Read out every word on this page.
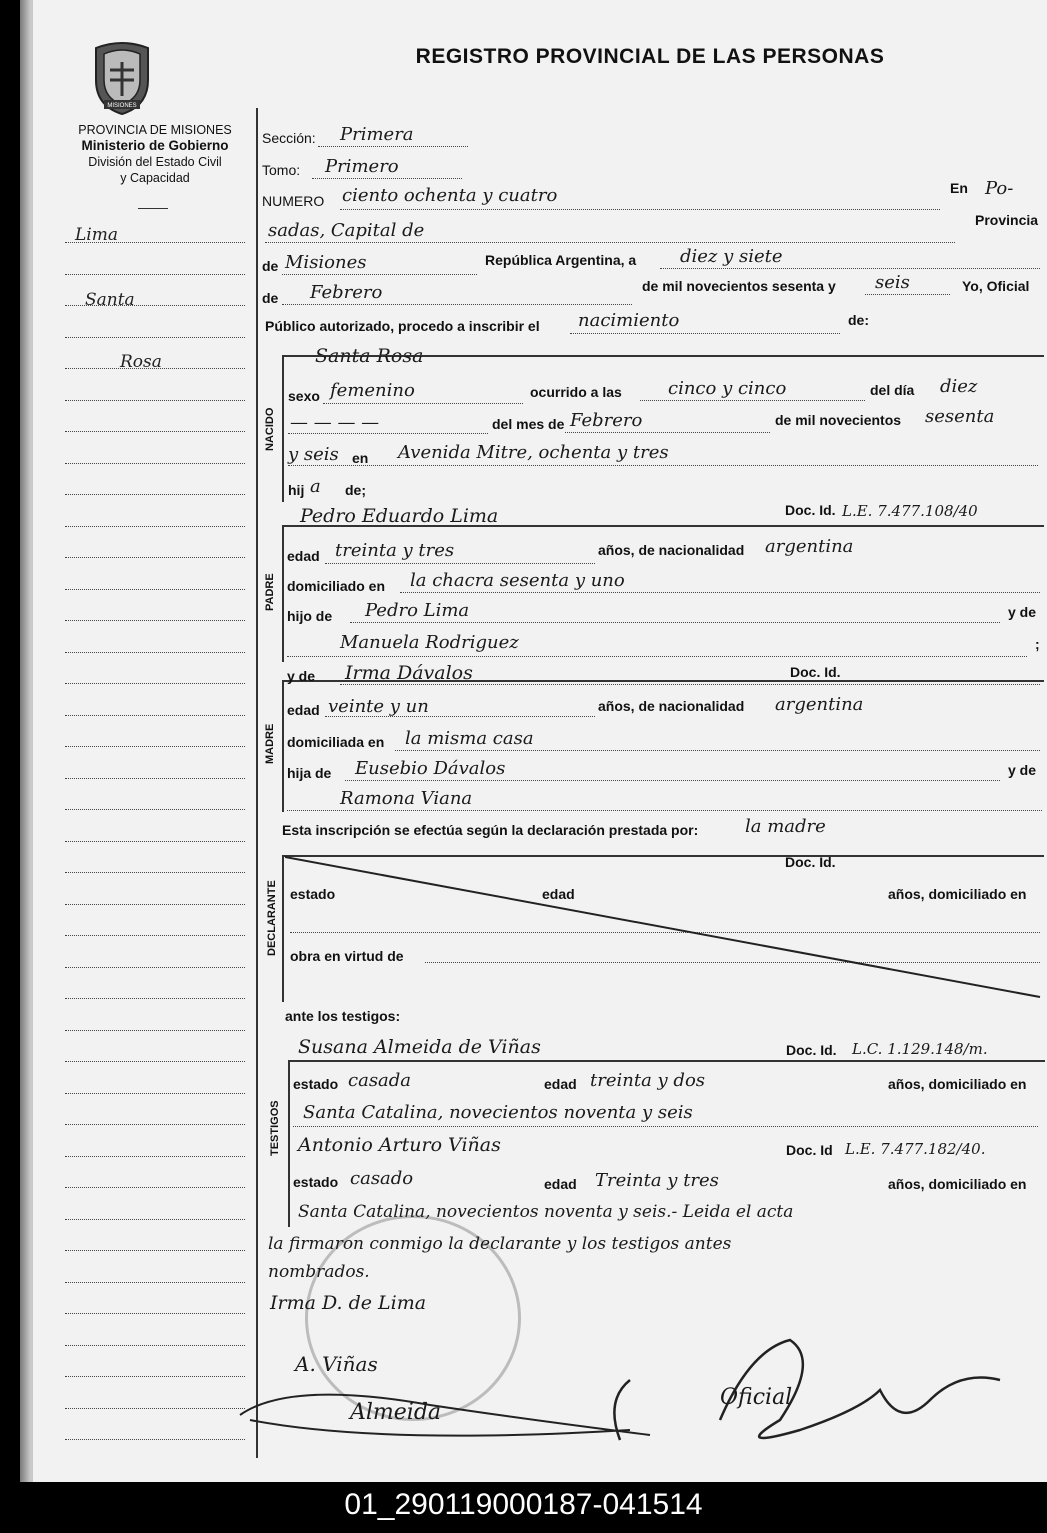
MISIONES
PROVINCIA DE MISIONES
Ministerio de Gobierno
División del Estado Civil
y Capacidad
Lima
Santa
Rosa
REGISTRO PROVINCIAL DE LAS PERSONAS
Sección: Primera
Tomo: Primero
NUMERO ciento ochenta y cuatro	En Po-
sadas, Capital de	Provincia
de Misiones	República Argentina, a diez y siete
de Febrero	de mil novecientos sesenta y seis	Yo, Oficial
Público autorizado, procedo a inscribir el nacimiento	de:
NACIDO
Santa Rosa
sexo femenino	ocurrido a las	cinco y cinco	del día diez
— — — —	del mes de Febrero	de mil novecientos sesenta
y seis en Avenida Mitre, ochenta y tres
hij a de;
PADRE
Pedro Eduardo Lima	Doc. Id. L.E. 7.477.108/40
edad treinta y tres	años, de nacionalidad argentina
domiciliado en la chacra sesenta y uno
hijo de Pedro Lima	y de
Manuela Rodriguez	;
MADRE
y de Irma Dávalos	Doc. Id.
edad veinte y un	años, de nacionalidad argentina
domiciliada en la misma casa
hija de Eusebio Dávalos	y de
Ramona Viana
Esta inscripción se efectúa según la declaración prestada por:	la madre
DECLARANTE
Doc. Id.
estado	edad	años, domiciliado en
obra en virtud de
ante los testigos:
TESTIGOS
Susana Almeida de Viñas	Doc. Id. L.C. 1.129.148/m.
estado casada	edad treinta y dos	años, domiciliado en
Santa Catalina, novecientos noventa y seis
Antonio Arturo Viñas	Doc. Id L.E. 7.477.182/40.
estado casado	edad Treinta y tres	años, domiciliado en
Santa Catalina, novecientos noventa y seis.- Leida el acta
la firmaron conmigo la declarante y los testigos antes
nombrados.
Irma D. de Lima
A. Viñas
Almeida
Oficial
01_290119000187-041514
